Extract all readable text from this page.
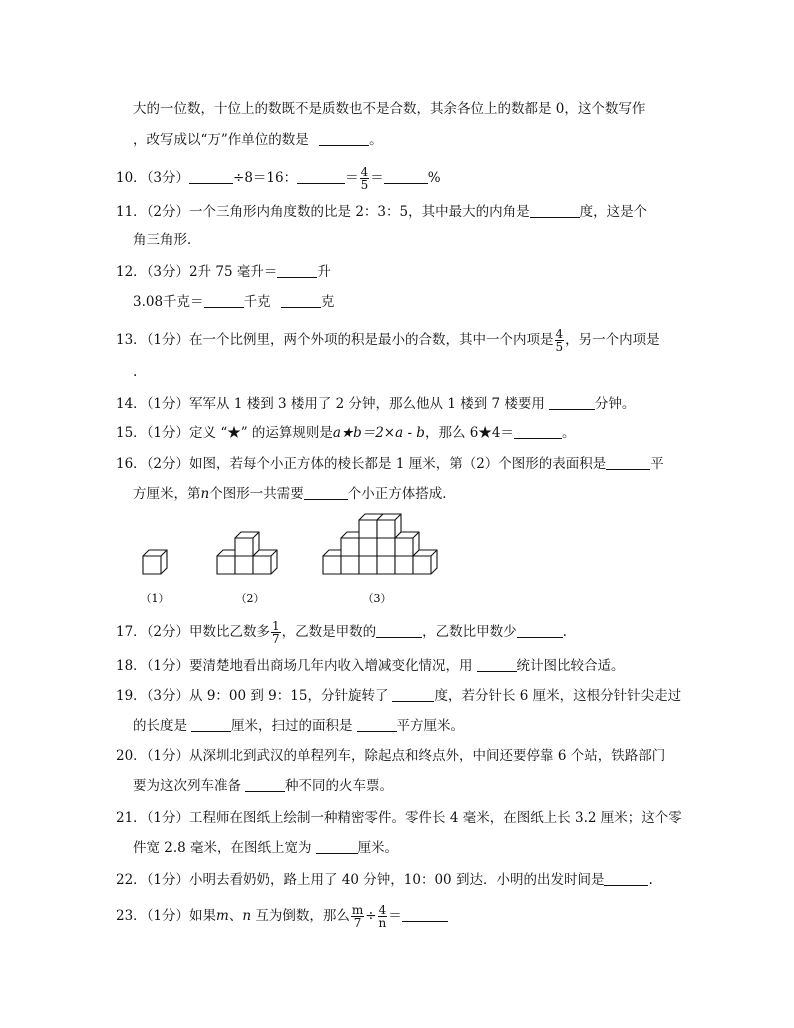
大的一位数，十位上的数既不是质数也不是合数，其余各位上的数都是 0，这个数写作
，改写成以“万”作单位的数是	。
10．（3分）	÷8＝16：	＝ $\frac{4}{5}$ ＝	%
11．（2分）一个三角形内角度数的比是 2：3：5，其中最大的内角是	度，这是个
角三角形．
12．（3分）2升 75 毫升＝	升
3.08千克＝	千克	克
13．（1分）在一个比例里，两个外项的积是最小的合数，其中一个内项是 $\frac{4}{5}$ ，另一个内项是
.
14．（1分）军军从 1 楼到 3 楼用了 2 分钟，那么他从 1 楼到 7 楼要用	分钟。
15．（1分）定义 “★” 的运算规则是a★b＝2×a - b，那么 6★4＝	。
16．（2分）如图，若每个小正方体的棱长都是 1 厘米，第（2）个图形的表面积是	平
方厘米，第n个图形一共需要	个小正方体搭成．
（1）	（2）	（3）
17．（2分）甲数比乙数多 $\frac{1}{7}$ ，乙数是甲数的	，乙数比甲数少	.
18．（1分）要清楚地看出商场几年内收入增减变化情况，用	统计图比较合适。
19．（3分）从 9：00 到 9：15，分针旋转了	度，若分针长 6 厘米，这根分针针尖走过
的长度是	厘米，扫过的面积是	平方厘米。
20．（1分）从深圳北到武汉的单程列车，除起点和终点外，中间还要停靠 6 个站，铁路部门
要为这次列车准备	种不同的火车票。
21．（1分）工程师在图纸上绘制一种精密零件。零件长 4 毫米，在图纸上长 3.2 厘米；这个零
件宽 2.8 毫米，在图纸上宽为	厘米。
22．（1分）小明去看奶奶，路上用了 40 分钟，10：00 到达．小明的出发时间是	.
23．（1分）如果m、n 互为倒数，那么 $\frac{m}{7} \div \frac{4}{n}$ ＝
